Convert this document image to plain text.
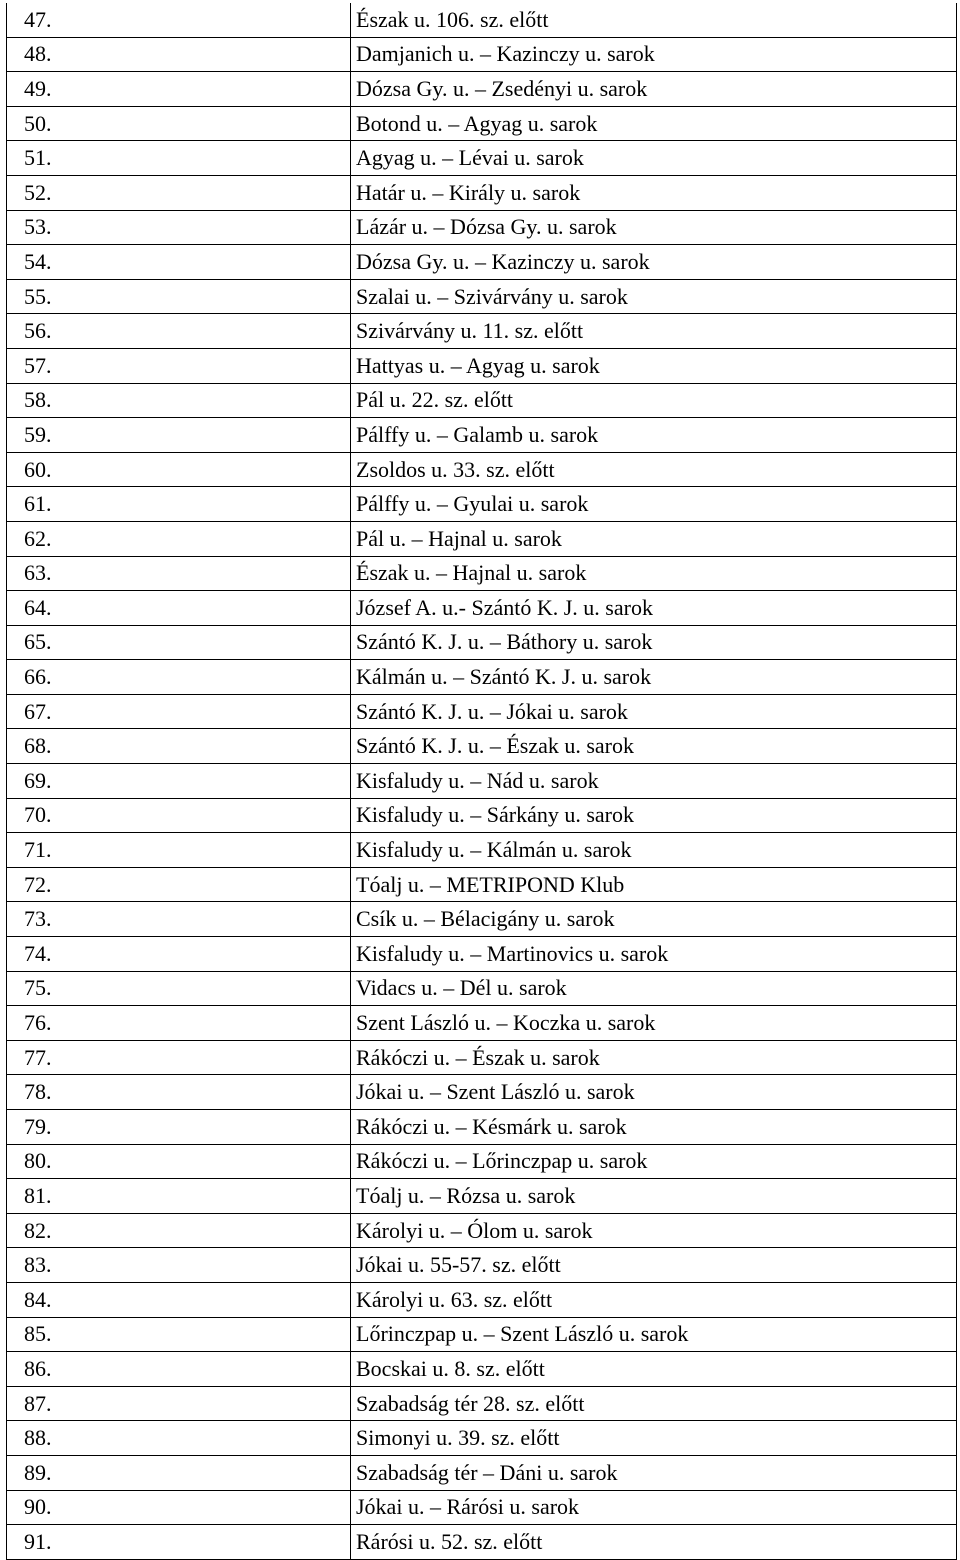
47.		Észak u. 106. sz. előtt
48.		Damjanich u. – Kazinczy u. sarok
49.		Dózsa Gy. u. – Zsedényi u. sarok
50.		Botond u. – Agyag u. sarok
51.		Agyag u. – Lévai u. sarok
52.		Határ u. – Király u. sarok
53.		Lázár u. – Dózsa Gy. u. sarok
54.		Dózsa Gy. u. – Kazinczy u. sarok
55.		Szalai u. – Szivárvány u. sarok
56.		Szivárvány u. 11. sz. előtt
57.		Hattyas u. – Agyag u. sarok
58.		Pál u. 22. sz. előtt
59.		Pálffy u. – Galamb u. sarok
60.		Zsoldos u. 33. sz. előtt
61.		Pálffy u. – Gyulai u. sarok
62.		Pál u. – Hajnal u. sarok
63.		Észak u. – Hajnal u. sarok
64.		József A. u.- Szántó K. J. u. sarok
65.		Szántó K. J. u. – Báthory u. sarok
66.		Kálmán u. – Szántó K. J. u. sarok
67.		Szántó K. J. u. – Jókai u. sarok
68.		Szántó K. J. u. – Észak u. sarok
69.		Kisfaludy u. – Nád u. sarok
70.		Kisfaludy u. – Sárkány u. sarok
71.		Kisfaludy u. – Kálmán u. sarok
72.		Tóalj u. – METRIPOND Klub
73.		Csík u. – Bélacigány u. sarok
74.		Kisfaludy u. – Martinovics u. sarok
75.		Vidacs u. – Dél u. sarok
76.		Szent László u. – Koczka u. sarok
77.		Rákóczi u. – Észak u. sarok
78.		Jókai u. – Szent László u. sarok
79.		Rákóczi u. – Késmárk u. sarok
80.		Rákóczi u. – Lőrinczpap u. sarok
81.		Tóalj u. – Rózsa u. sarok
82.		Károlyi u. – Ólom u. sarok
83.		Jókai u. 55-57. sz. előtt
84.		Károlyi u. 63. sz. előtt
85.		Lőrinczpap u. – Szent László u. sarok
86.		Bocskai u. 8. sz. előtt
87.		Szabadság tér 28. sz. előtt
88.		Simonyi u. 39. sz. előtt
89.		Szabadság tér – Dáni u. sarok
90.		Jókai u. – Rárósi u. sarok
91.		Rárósi u. 52. sz. előtt
